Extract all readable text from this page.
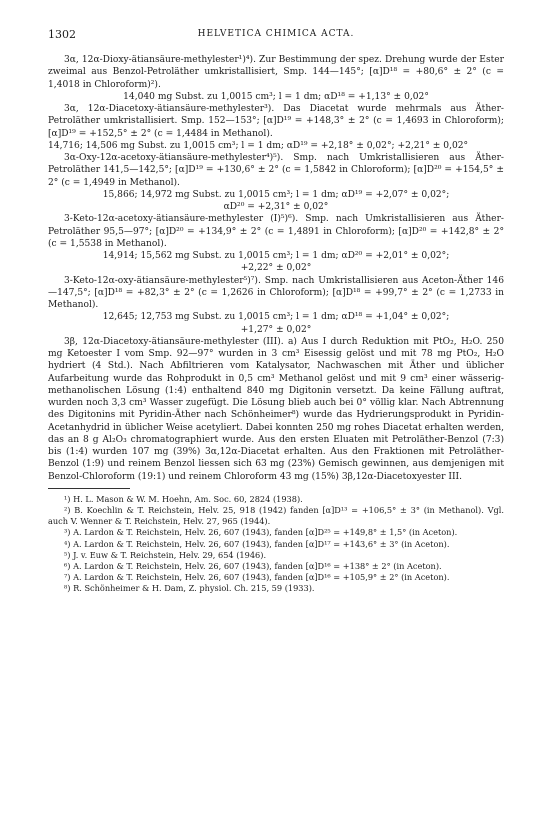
1302	HELVETICA CHIMICA ACTA.

3α, 12α-Dioxy-ätiansäure-methylester¹)⁴). Zur Bestimmung der spez. Drehung wurde der Ester zweimal aus Benzol-Petroläther umkristallisiert, Smp. 144—145°; [α]D¹⁸ = +80,6° ± 2° (c = 1,4018 in Chloroform)²).

14,040 mg Subst. zu 1,0015 cm³; l = 1 dm; αD¹⁸ = +1,13° ± 0,02°

3α, 12α-Diacetoxy-ätiansäure-methylester³). Das Diacetat wurde mehrmals aus Äther-Petroläther umkristallisiert. Smp. 152—153°; [α]D¹⁹ = +148,3° ± 2° (c = 1,4693 in Chloroform); [α]D¹⁹ = +152,5° ± 2° (c = 1,4484 in Methanol).

14,716; 14,506 mg Subst. zu 1,0015 cm³; l = 1 dm; αD¹⁹ = +2,18° ± 0,02°; +2,21° ± 0,02°

3α-Oxy-12α-acetoxy-ätiansäure-methylester⁴)⁵). Smp. nach Umkristallisieren aus Äther-Petroläther 141,5—142,5°; [α]D¹⁹ = +130,6° ± 2° (c = 1,5842 in Chloroform); [α]D²⁰ = +154,5° ± 2° (c = 1,4949 in Methanol).

15,866; 14,972 mg Subst. zu 1,0015 cm³; l = 1 dm; αD¹⁹ = +2,07° ± 0,02°;

αD²⁰ = +2,31° ± 0,02°

3-Keto-12α-acetoxy-ätiansäure-methylester (I)⁵)⁶). Smp. nach Umkristallisieren aus Äther-Petroläther 95,5—97°; [α]D²⁰ = +134,9° ± 2° (c = 1,4891 in Chloroform); [α]D²⁰ = +142,8° ± 2° (c = 1,5538 in Methanol).

14,914; 15,562 mg Subst. zu 1,0015 cm³; l = 1 dm; αD²⁰ = +2,01° ± 0,02°;

+2,22° ± 0,02°

3-Keto-12α-oxy-ätiansäure-methylester⁵)⁷). Smp. nach Umkristallisieren aus Aceton-Äther 146—147,5°; [α]D¹⁸ = +82,3° ± 2° (c = 1,2626 in Chloroform); [α]D¹⁸ = +99,7° ± 2° (c = 1,2733 in Methanol).

12,645; 12,753 mg Subst. zu 1,0015 cm³; l = 1 dm; αD¹⁸ = +1,04° ± 0,02°;

+1,27° ± 0,02°

3β, 12α-Diacetoxy-ätiansäure-methylester (III). a) Aus I durch Reduktion mit PtO₂, H₂O. 250 mg Ketoester I vom Smp. 92—97° wurden in 3 cm³ Eisessig gelöst und mit 78 mg PtO₂, H₂O hydriert (4 Std.). Nach Abfiltrieren vom Katalysator, Nachwaschen mit Äther und üblicher Aufarbeitung wurde das Rohprodukt in 0,5 cm³ Methanol gelöst und mit 9 cm³ einer wässerig-methanolischen Lösung (1:4) enthaltend 840 mg Digitonin versetzt. Da keine Fällung auftrat, wurden noch 3,3 cm³ Wasser zugefügt. Die Lösung blieb auch bei 0° völlig klar. Nach Abtrennung des Digitonins mit Pyridin-Äther nach Schönheimer⁸) wurde das Hydrierungsprodukt in Pyridin-Acetanhydrid in üblicher Weise acetyliert. Dabei konnten 250 mg rohes Diacetat erhalten werden, das an 8 g Al₂O₃ chromatographiert wurde. Aus den ersten Eluaten mit Petroläther-Benzol (7:3) bis (1:4) wurden 107 mg (39%) 3α,12α-Diacetat erhalten. Aus den Fraktionen mit Petroläther-Benzol (1:9) und reinem Benzol liessen sich 63 mg (23%) Gemisch gewinnen, aus demjenigen mit Benzol-Chloroform (19:1) und reinem Chloroform 43 mg (15%) 3β,12α-Diacetoxyester III.

¹) H. L. Mason & W. M. Hoehn, Am. Soc. 60, 2824 (1938).

²) B. Koechlin & T. Reichstein, Helv. 25, 918 (1942) fanden [α]D¹³ = +106,5° ± 3° (in Methanol). Vgl. auch V. Wenner & T. Reichstein, Helv. 27, 965 (1944).

³) A. Lardon & T. Reichstein, Helv. 26, 607 (1943), fanden [α]D²⁵ = +149,8° ± 1,5° (in Aceton).

⁴) A. Lardon & T. Reichstein, Helv. 26, 607 (1943), fanden [α]D¹⁷ = +143,6° ± 3° (in Aceton).

⁵) J. v. Euw & T. Reichstein, Helv. 29, 654 (1946).

⁶) A. Lardon & T. Reichstein, Helv. 26, 607 (1943), fanden [α]D¹⁶ = +138° ± 2° (in Aceton).

⁷) A. Lardon & T. Reichstein, Helv. 26, 607 (1943), fanden [α]D¹⁶ = +105,9° ± 2° (in Aceton).

⁸) R. Schönheimer & H. Dam, Z. physiol. Ch. 215, 59 (1933).
